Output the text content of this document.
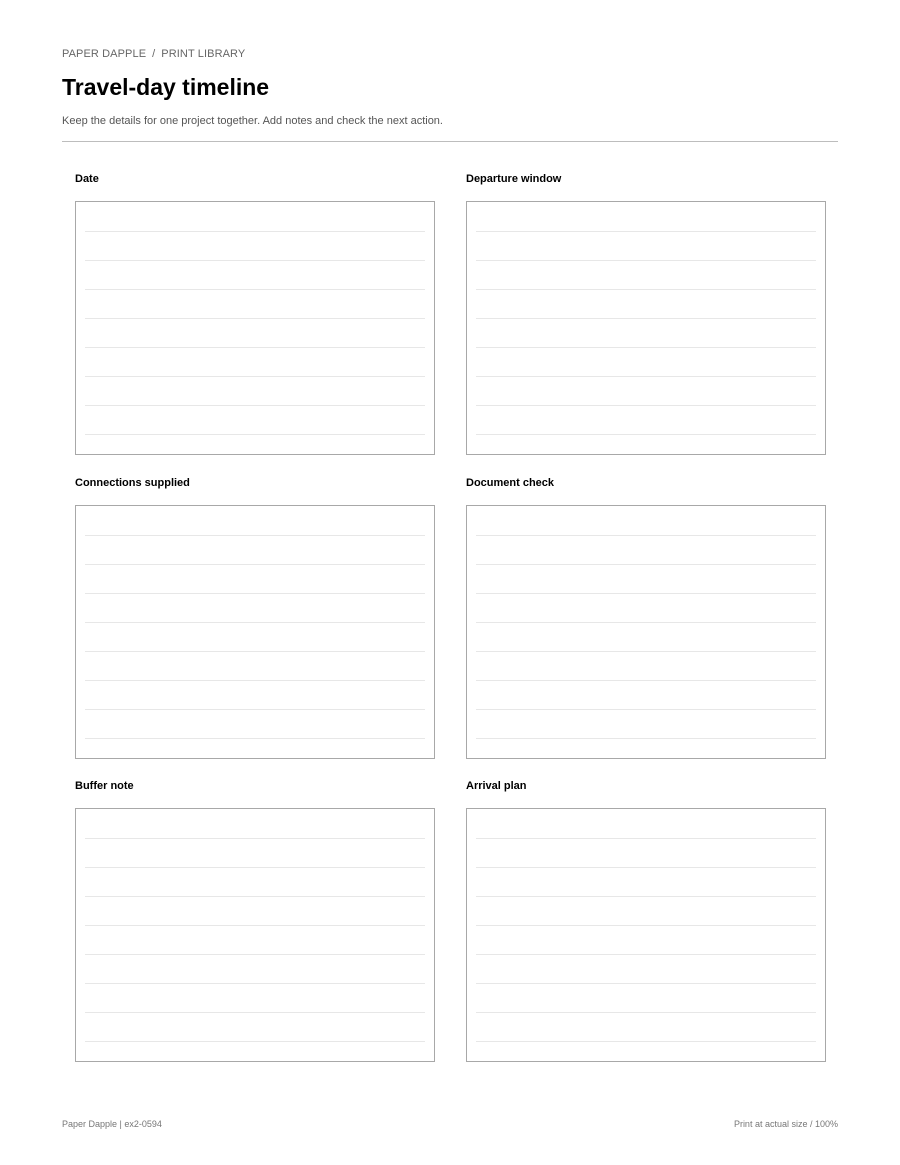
PAPER DAPPLE / PRINT LIBRARY
Travel-day timeline

Keep the details for one project together. Add notes and check the next action.

Date	Departure window
Connections supplied	Document check
Buffer note	Arrival plan
Paper Dapple | ex2-0594	Print at actual size / 100%
